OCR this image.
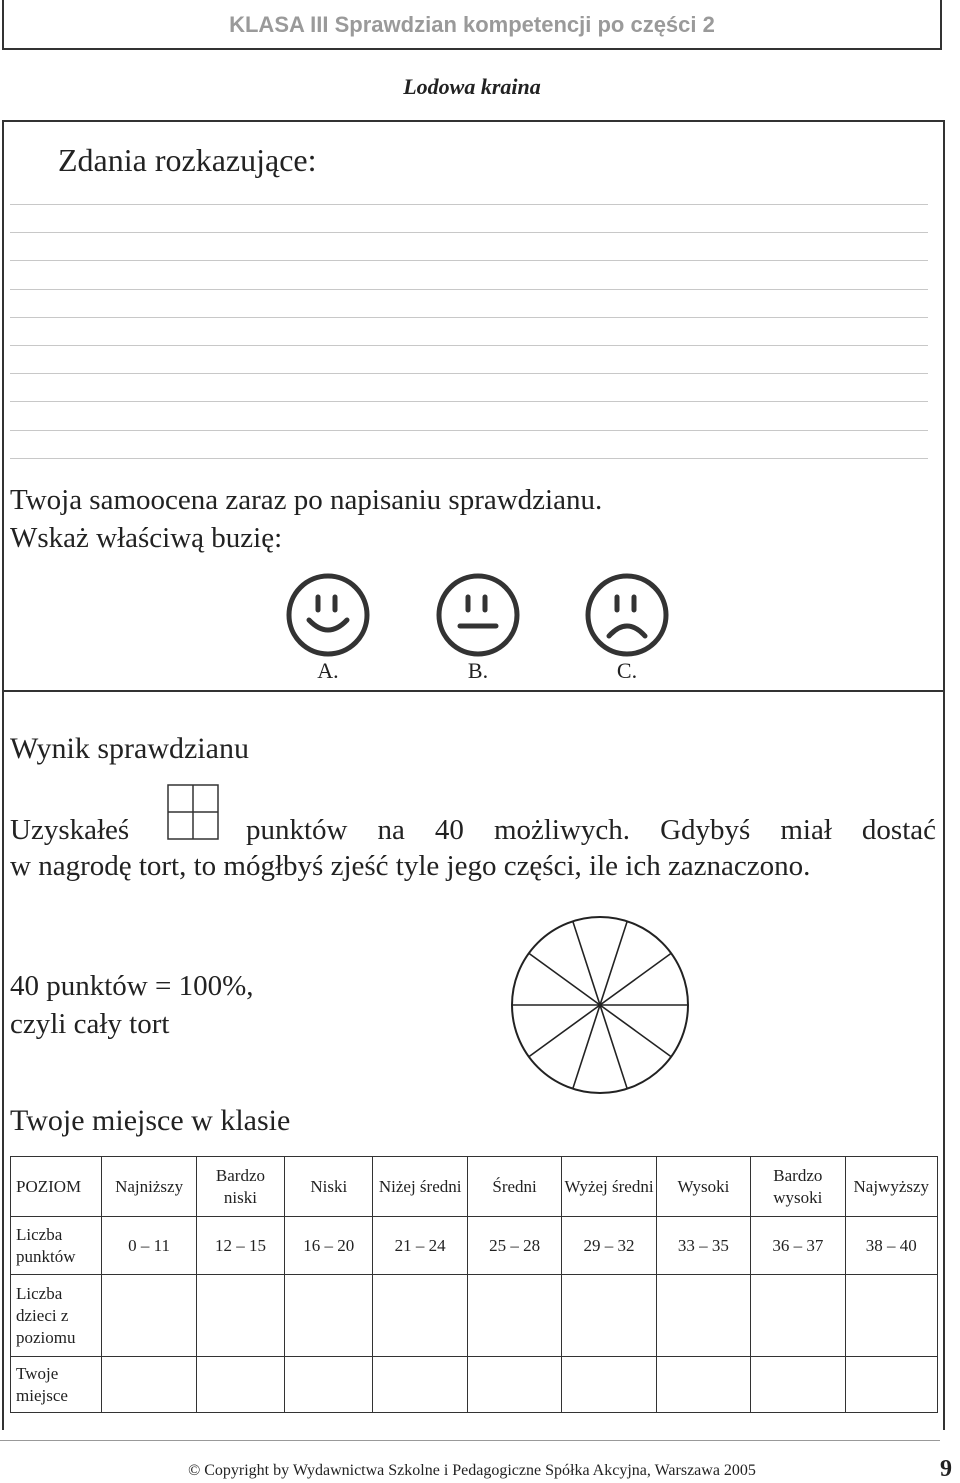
KLASA III Sprawdzian kompetencji po części 2
Lodowa kraina
Zdania rozkazujące:
Twoja samoocena zaraz po napisaniu sprawdzianu.
Wskaż właściwą buzię:
A.	B.	C.
Wynik sprawdzianu
Uzyskałeś	punktów na 40 możliwych. Gdybyś miał dostać
w nagrodę tort, to mógłbyś zjeść tyle jego części, ile ich zaznaczono.
40 punktów = 100%,
czyli cały tort
Twoje miejsce w klasie
POZIOM	Najniższy	Bardzo niski	Niski	Niżej średni	Średni	Wyżej średni	Wysoki	Bardzo wysoki	Najwyższy
Liczba punktów	0 – 11	12 – 15	16 – 20	21 – 24	25 – 28	29 – 32	33 – 35	36 – 37	38 – 40
Liczba dzieci z poziomu									
Twoje miejsce									
© Copyright by Wydawnictwa Szkolne i Pedagogiczne Spółka Akcyjna, Warszawa 2005	9
